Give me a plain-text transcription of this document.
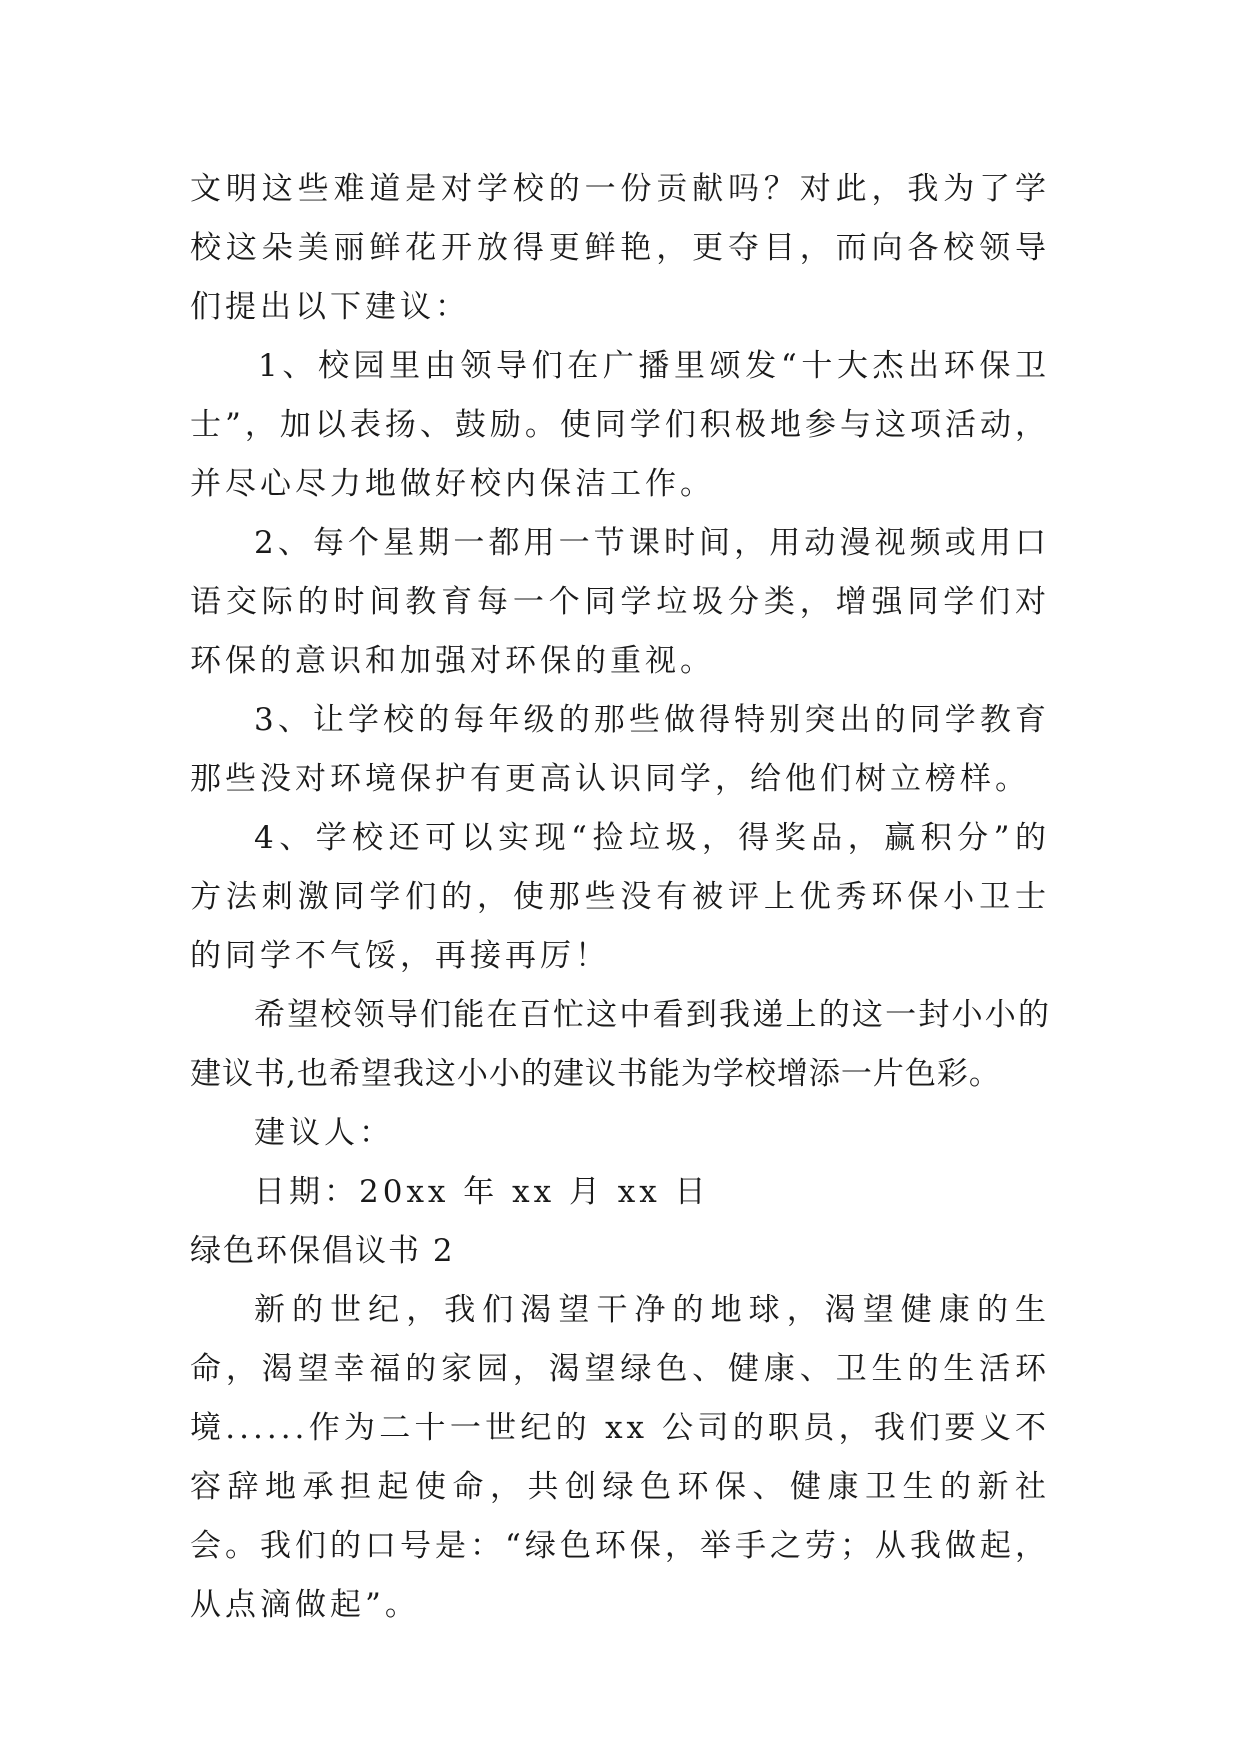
文明这些难道是对学校的一份贡献吗？对此，我为了学校这朵美丽鲜花开放得更鲜艳，更夺目，而向各校领导们提出以下建议：

1、校园里由领导们在广播里颂发“十大杰出环保卫士”，加以表扬、鼓励。使同学们积极地参与这项活动，并尽心尽力地做好校内保洁工作。

2、每个星期一都用一节课时间，用动漫视频或用口语交际的时间教育每一个同学垃圾分类，增强同学们对环保的意识和加强对环保的重视。

3、让学校的每年级的那些做得特别突出的同学教育那些没对环境保护有更高认识同学，给他们树立榜样。

4、学校还可以实现“捡垃圾，得奖品，赢积分”的方法刺激同学们的，使那些没有被评上优秀环保小卫士的同学不气馁，再接再厉！

希望校领导们能在百忙这中看到我递上的这一封小小的建议书,也希望我这小小的建议书能为学校增添一片色彩。

建议人：

日期：20xx 年 xx 月 xx 日

绿色环保倡议书 2

新的世纪，我们渴望干净的地球，渴望健康的生命，渴望幸福的家园，渴望绿色、健康、卫生的生活环境......作为二十一世纪的 xx 公司的职员，我们要义不容辞地承担起使命，共创绿色环保、健康卫生的新社会。我们的口号是：“绿色环保，举手之劳；从我做起，从点滴做起”。
